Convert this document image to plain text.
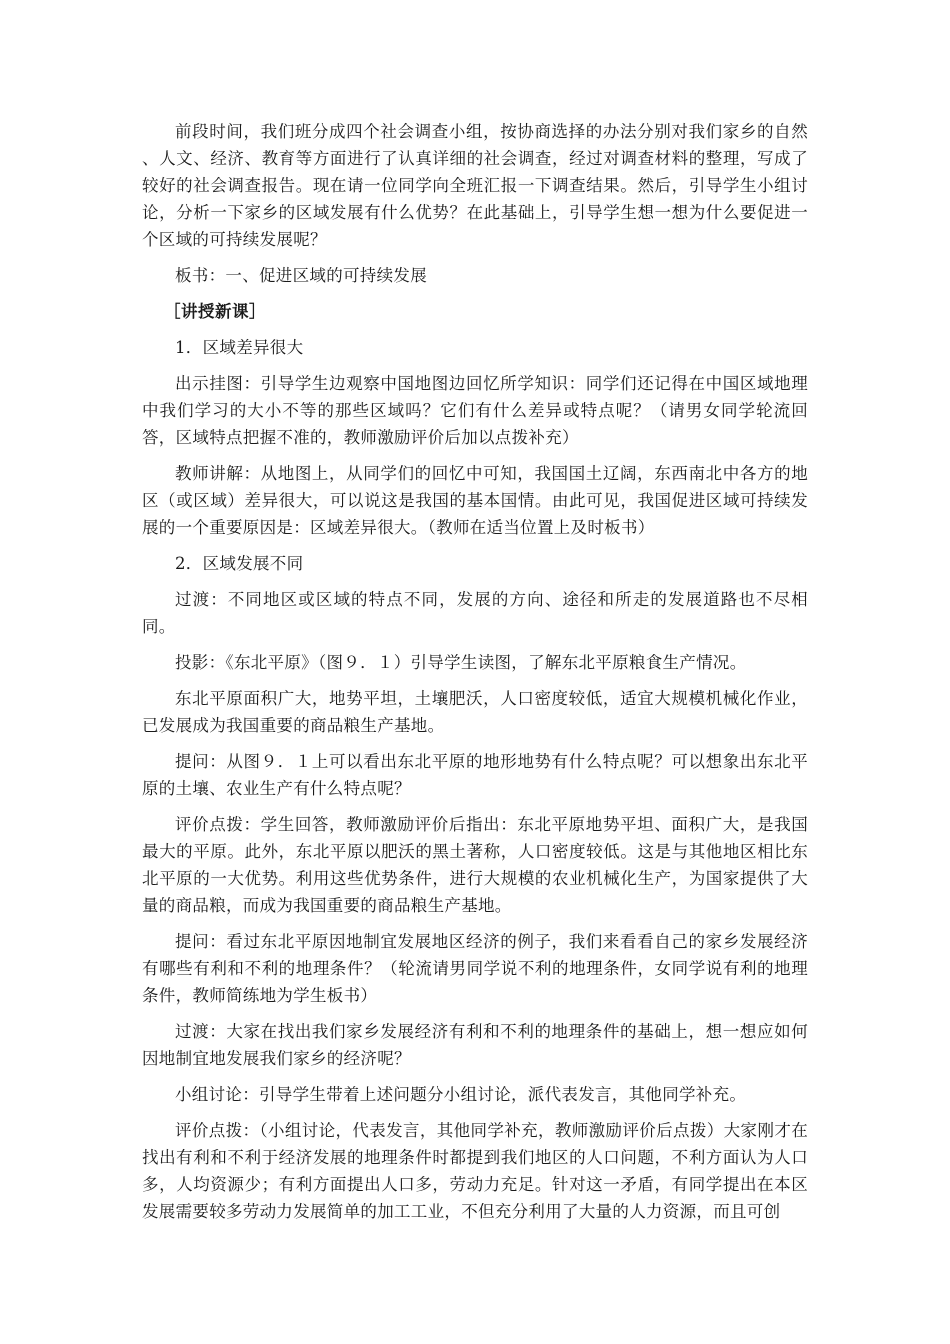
前段时间，我们班分成四个社会调查小组，按协商选择的办法分别对我们家乡的自然 、人文、经济、教育等方面进行了认真详细的社会调查，经过对调查材料的整理，写成了较好的社会调查报告。现在请一位同学向全班汇报一下调查结果。然后，引导学生小组讨论，分析一下家乡的区域发展有什么优势？在此基础上，引导学生想一想为什么要促进一个区域的可持续发展呢？

板书：一、促进区域的可持续发展

［讲授新课］

1．区域差异很大

出示挂图：引导学生边观察中国地图边回忆所学知识：同学们还记得在中国区域地理中我们学习的大小不等的那些区域吗？它们有什么差异或特点呢？（请男女同学轮流回答，区域特点把握不准的，教师激励评价后加以点拨补充）

教师讲解：从地图上，从同学们的回忆中可知，我国国土辽阔，东西南北中各方的地区（或区域）差异很大，可以说这是我国的基本国情。由此可见，我国促进区域可持续发展的一个重要原因是：区域差异很大。（教师在适当位置上及时板书）

2．区域发展不同

过渡：不同地区或区域的特点不同，发展的方向、途径和所走的发展道路也不尽相同。

投影：《东北平原》（图９．１）引导学生读图，了解东北平原粮食生产情况。

东北平原面积广大，地势平坦，土壤肥沃，人口密度较低，适宜大规模机械化作业，已发展成为我国重要的商品粮生产基地。

提问：从图９．１上可以看出东北平原的地形地势有什么特点呢？可以想象出东北平原的土壤、农业生产有什么特点呢？

评价点拨：学生回答，教师激励评价后指出：东北平原地势平坦、面积广大，是我国最大的平原。此外，东北平原以肥沃的黑土著称，人口密度较低。这是与其他地区相比东北平原的一大优势。利用这些优势条件，进行大规模的农业机械化生产，为国家提供了大量的商品粮，而成为我国重要的商品粮生产基地。

提问：看过东北平原因地制宜发展地区经济的例子，我们来看看自己的家乡发展经济有哪些有利和不利的地理条件？（轮流请男同学说不利的地理条件，女同学说有利的地理条件，教师简练地为学生板书）

过渡：大家在找出我们家乡发展经济有利和不利的地理条件的基础上，想一想应如何因地制宜地发展我们家乡的经济呢？

小组讨论：引导学生带着上述问题分小组讨论，派代表发言，其他同学补充。

评价点拨：（小组讨论，代表发言，其他同学补充，教师激励评价后点拨）大家刚才在找出有利和不利于经济发展的地理条件时都提到我们地区的人口问题，不利方面认为人口多，人均资源少；有利方面提出人口多，劳动力充足。针对这一矛盾，有同学提出在本区发展需要较多劳动力发展简单的加工工业，不但充分利用了大量的人力资源，而且可创
